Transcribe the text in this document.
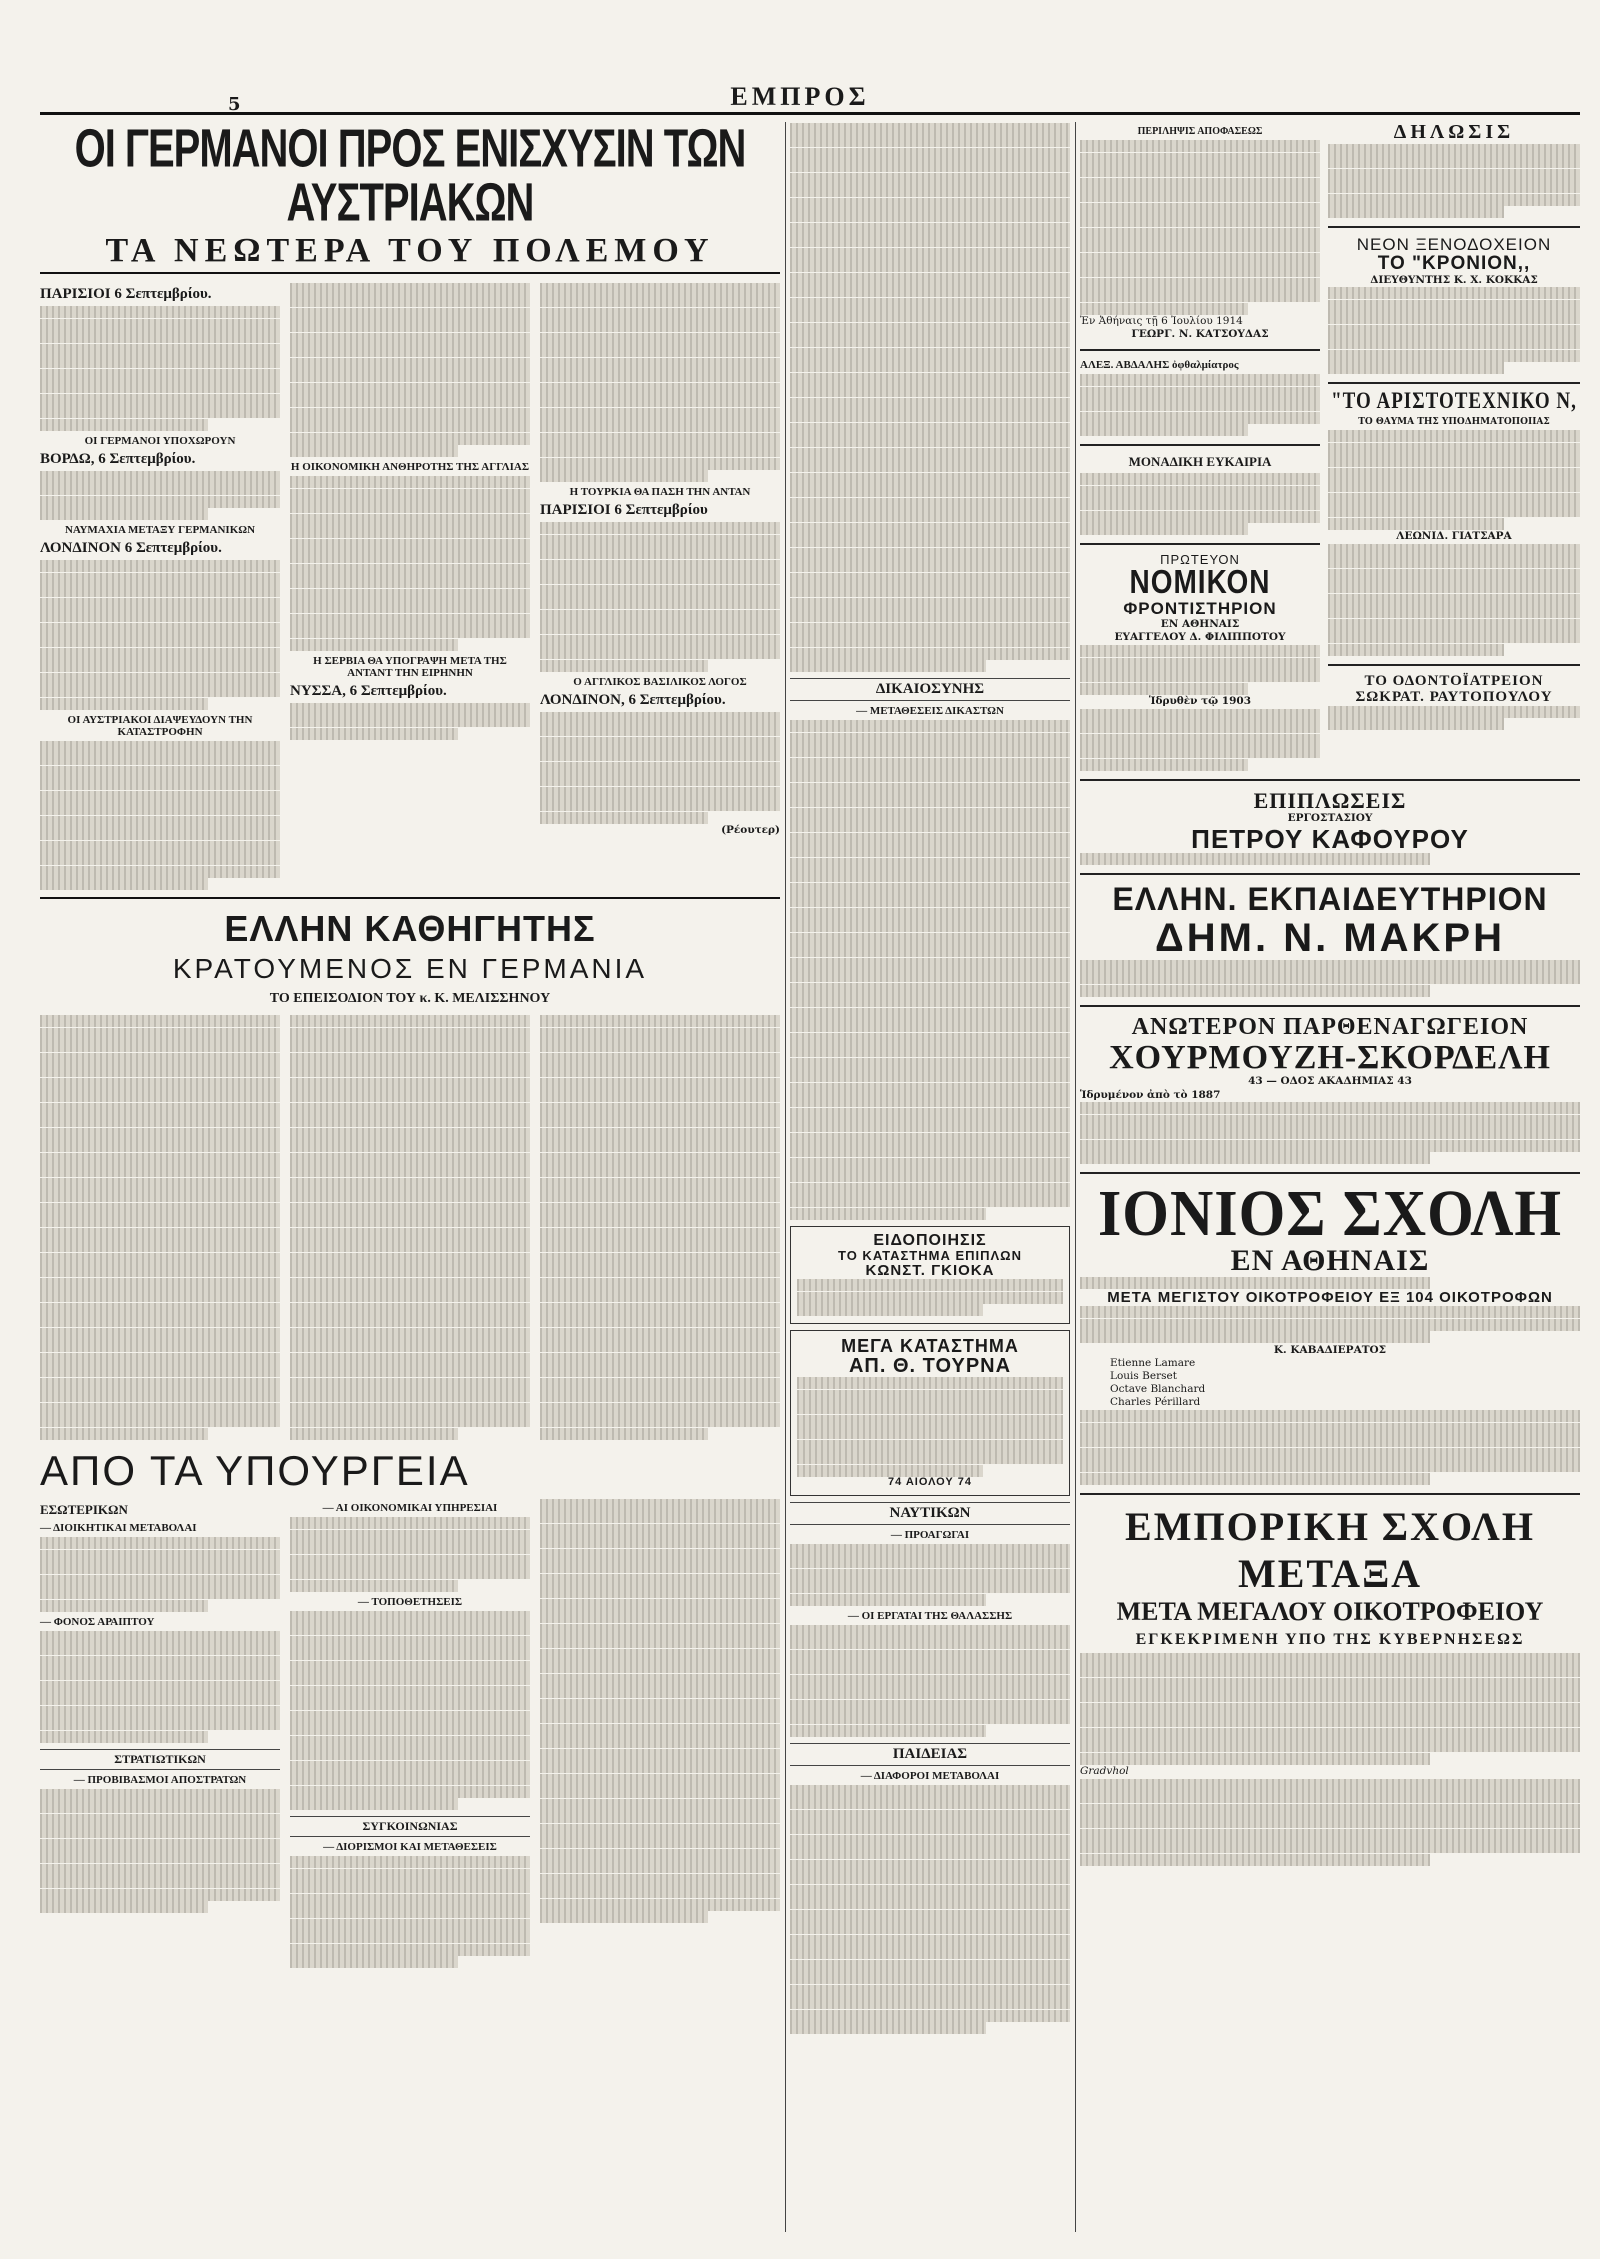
5	ΕΜΠΡΟΣ
ΟΙ ΓΕΡΜΑΝΟΙ ΠΡΟΣ ΕΝΙΣΧΥΣΙΝ ΤΩΝ ΑΥΣΤΡΙΑΚΩΝ
ΤΑ ΝΕΩΤΕΡΑ ΤΟΥ ΠΟΛΕΜΟΥ
ΠΑΡΙΣΙΟΙ 6 Σεπτεμβρίου.
ΟΙ ΓΕΡΜΑΝΟΙ ΥΠΟΧΩΡΟΥΝ
ΒΟΡΔΩ, 6 Σεπτεμβρίου.
ΝΑΥΜΑΧΙΑ ΜΕΤΑΞΥ ΓΕΡΜΑΝΙΚΩΝ
ΛΟΝΔΙΝΟΝ 6 Σεπτεμβρίου.
ΟΙ ΑΥΣΤΡΙΑΚΟΙ ΔΙΑΨΕΥΔΟΥΝ ΤΗΝ ΚΑΤΑΣΤΡΟΦΗΝ
Η ΟΙΚΟΝΟΜΙΚΗ ΑΝΘΗΡΟΤΗΣ ΤΗΣ ΑΓΓΛΙΑΣ
Η ΣΕΡΒΙΑ ΘΑ ΥΠΟΓΡΑΨΗ ΜΕΤΑ ΤΗΣ ΑΝΤΑΝΤ ΤΗΝ ΕΙΡΗΝΗΝ
ΝΥΣΣΑ, 6 Σεπτεμβρίου.
Η ΤΟΥΡΚΙΑ ΘΑ ΠΑΣΗ ΤΗΝ ΑΝΤΑΝ
ΠΑΡΙΣΙΟΙ 6 Σεπτεμβρίου
Ο ΑΓΓΛΙΚΟΣ ΒΑΣΙΛΙΚΟΣ ΛΟΓΟΣ
ΛΟΝΔΙΝΟΝ, 6 Σεπτεμβρίου.
(Ρέουτερ)
ΕΛΛΗΝ ΚΑΘΗΓΗΤΗΣ
ΚΡΑΤΟΥΜΕΝΟΣ ΕΝ ΓΕΡΜΑΝΙΑ
ΤΟ ΕΠΕΙΣΟΔΙΟΝ ΤΟΥ κ. Κ. ΜΕΛΙΣΣΗΝΟΥ
ΑΠΟ ΤΑ ΥΠΟΥΡΓΕΙΑ
ΕΣΩΤΕΡΙΚΩΝ
— ΔΙΟΙΚΗΤΙΚΑΙ ΜΕΤΑΒΟΛΑΙ
— ΦΟΝΟΣ ΑΡΑΙΠΤΟΥ
ΣΤΡΑΤΙΩΤΙΚΩΝ
— ΠΡΟΒΙΒΑΣΜΟΙ ΑΠΟΣΤΡΑΤΩΝ
— ΑΙ ΟΙΚΟΝΟΜΙΚΑΙ ΥΠΗΡΕΣΙΑΙ
— ΤΟΠΟΘΕΤΗΣΕΙΣ
ΣΥΓΚΟΙΝΩΝΙΑΣ
— ΔΙΟΡΙΣΜΟΙ ΚΑΙ ΜΕΤΑΘΕΣΕΙΣ
ΔΙΚΑΙΟΣΥΝΗΣ
— ΜΕΤΑΘΕΣΕΙΣ ΔΙΚΑΣΤΩΝ
ΕΙΔΟΠΟΙΗΣΙΣ
ΤΟ ΚΑΤΑΣΤΗΜΑ ΕΠΙΠΛΩΝ
ΚΩΝΣΤ. ΓΚΙΟΚΑ
ΜΕΓΑ ΚΑΤΑΣΤΗΜΑ
ΑΠ. Θ. ΤΟΥΡΝΑ
74 ΑΙΟΛΟΥ 74
ΝΑΥΤΙΚΩΝ
— ΠΡΟΑΓΩΓΑΙ
— ΟΙ ΕΡΓΑΤΑΙ ΤΗΣ ΘΑΛΑΣΣΗΣ
ΠΑΙΔΕΙΑΣ
— ΔΙΑΦΟΡΟΙ ΜΕΤΑΒΟΛΑΙ
ΠΕΡΙΛΗΨΙΣ ΑΠΟΦΑΣΕΩΣ
Ἐν Ἀθήναις τῇ 6 Ἰουλίου 1914
ΓΕΩΡΓ. Ν. ΚΑΤΣΟΥΔΑΣ
ΑΛΕΞ. ΑΒΔΑΛΗΣ ὀφθαλμίατρος
ΜΟΝΑΔΙΚΗ ΕΥΚΑΙΡΙΑ
ΠΡΩΤΕΥΟΝ
ΝΟΜΙΚΟΝ
ΦΡΟΝΤΙΣΤΗΡΙΟΝ
ΕΝ ΑΘΗΝΑΙΣ
ΕΥΑΓΓΕΛΟΥ Δ. ΦΙΛΙΠΠΟΤΟΥ
Ἱδρυθὲν τῷ 1903
ΔΗΛΩΣΙΣ
ΝΕΟΝ ΞΕΝΟΔΟΧΕΙΟΝ
ΤΟ "ΚΡΟΝΙΟΝ,,
ΔΙΕΥΘΥΝΤΗΣ Κ. Χ. ΚΟΚΚΑΣ
"ΤΟ ΑΡΙΣΤΟΤΕΧΝΙΚΟ Ν,
ΤΟ ΘΑΥΜΑ ΤΗΣ ΥΠΟΔΗΜΑΤΟΠΟΙΙΑΣ
ΛΕΩΝΙΔ. ΓΙΑΤΣΑΡΑ
ΤΟ ΟΔΟΝΤΟΪΑΤΡΕΙΟΝ
ΣΩΚΡΑΤ. ΡΑΥΤΟΠΟΥΛΟΥ
ΕΠΙΠΛΩΣΕΙΣ
ΕΡΓΟΣΤΑΣΙΟΥ
ΠΕΤΡΟΥ ΚΑΦΟΥΡΟΥ
ΕΛΛΗΝ. ΕΚΠΑΙΔΕΥΤΗΡΙΟΝ
ΔΗΜ. Ν. ΜΑΚΡΗ
ΑΝΩΤΕΡΟΝ ΠΑΡΘΕΝΑΓΩΓΕΙΟΝ
ΧΟΥΡΜΟΥΖΗ-ΣΚΟΡΔΕΛΗ
43 — ΟΔΟΣ ΑΚΑΔΗΜΙΑΣ 43
Ἱδρυμένον ἀπὸ τὸ 1887
ΙΟΝΙΟΣ ΣΧΟΛΗ
ΕΝ ΑΘΗΝΑΙΣ
ΜΕΤΑ ΜΕΓΙΣΤΟΥ ΟΙΚΟΤΡΟΦΕΙΟΥ ΕΞ 104 ΟΙΚΟΤΡΟΦΩΝ
Κ. ΚΑΒΑΔΙΕΡΑΤΟΣ
Etienne Lamare
Louis Berset
Octave Blanchard
Charles Périllard
ΕΜΠΟΡΙΚΗ ΣΧΟΛΗ ΜΕΤΑΞΑ
ΜΕΤΑ ΜΕΓΑΛΟΥ ΟΙΚΟΤΡΟΦΕΙΟΥ
ΕΓΚΕΚΡΙΜΕΝΗ ΥΠΟ ΤΗΣ ΚΥΒΕΡΝΗΣΕΩΣ
Gradvhol
